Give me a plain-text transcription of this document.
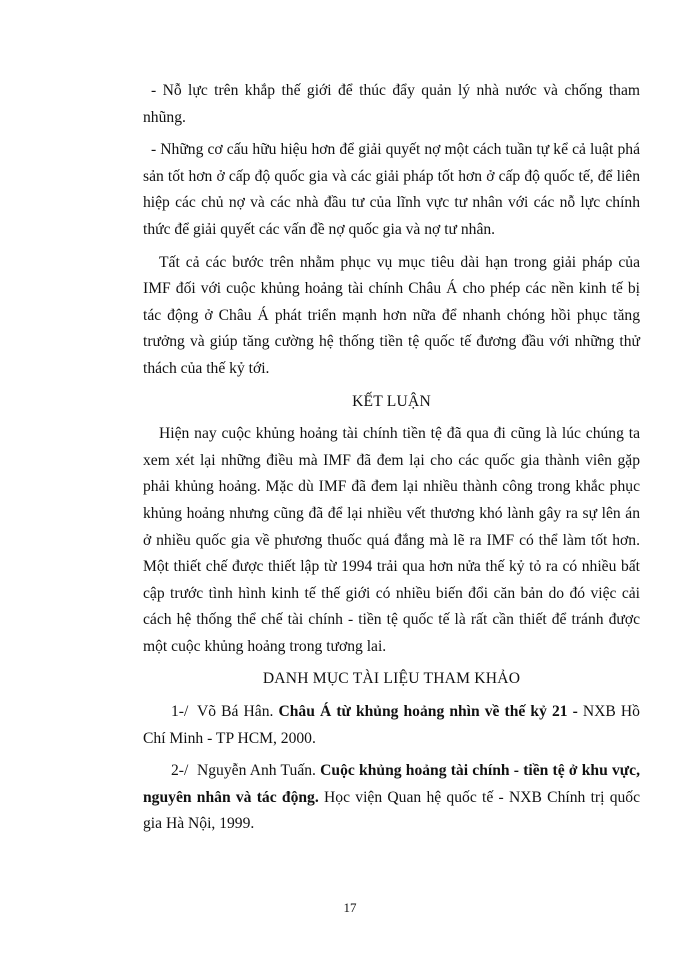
- Nỗ lực trên khắp thế giới để thúc đẩy quản lý nhà nước và chống tham nhũng.

- Những cơ cấu hữu hiệu hơn để giải quyết nợ một cách tuần tự kể cả luật phá sản tốt hơn ở cấp độ quốc gia và các giải pháp tốt hơn ở cấp độ quốc tế, để liên hiệp các chủ nợ và các nhà đầu tư của lĩnh vực tư nhân với các nỗ lực chính thức để giải quyết các vấn đề nợ quốc gia và nợ tư nhân.

Tất cả các bước trên nhằm phục vụ mục tiêu dài hạn trong giải pháp của IMF đối với cuộc khủng hoảng tài chính Châu Á cho phép các nền kinh tế bị tác động ở Châu Á phát triển mạnh hơn nữa để nhanh chóng hồi phục tăng trưởng và giúp tăng cường hệ thống tiền tệ quốc tế đương đầu với những thử thách của thế kỷ tới.

KẾT LUẬN

Hiện nay cuộc khủng hoảng tài chính tiền tệ đã qua đi cũng là lúc chúng ta xem xét lại những điều mà IMF đã đem lại cho các quốc gia thành viên gặp phải khủng hoảng. Mặc dù IMF đã đem lại nhiều thành công trong khắc phục khủng hoảng nhưng cũng đã để lại nhiều vết thương khó lành gây ra sự lên án ở nhiều quốc gia về phương thuốc quá đắng mà lẽ ra IMF có thể làm tốt hơn. Một thiết chế được thiết lập từ 1994 trải qua hơn nửa thế kỷ tỏ ra có nhiều bất cập trước tình hình kinh tế thế giới có nhiều biến đổi căn bản do đó việc cải cách hệ thống thể chế tài chính - tiền tệ quốc tế là rất cần thiết để tránh được một cuộc khủng hoảng trong tương lai.

DANH MỤC TÀI LIỆU THAM KHẢO

1-/ Võ Bá Hân. Châu Á từ khủng hoảng nhìn về thế kỷ 21 - NXB Hồ Chí Minh - TP HCM, 2000.

2-/ Nguyễn Anh Tuấn. Cuộc khủng hoảng tài chính - tiền tệ ở khu vực, nguyên nhân và tác động. Học viện Quan hệ quốc tế - NXB Chính trị quốc gia Hà Nội, 1999.

17
